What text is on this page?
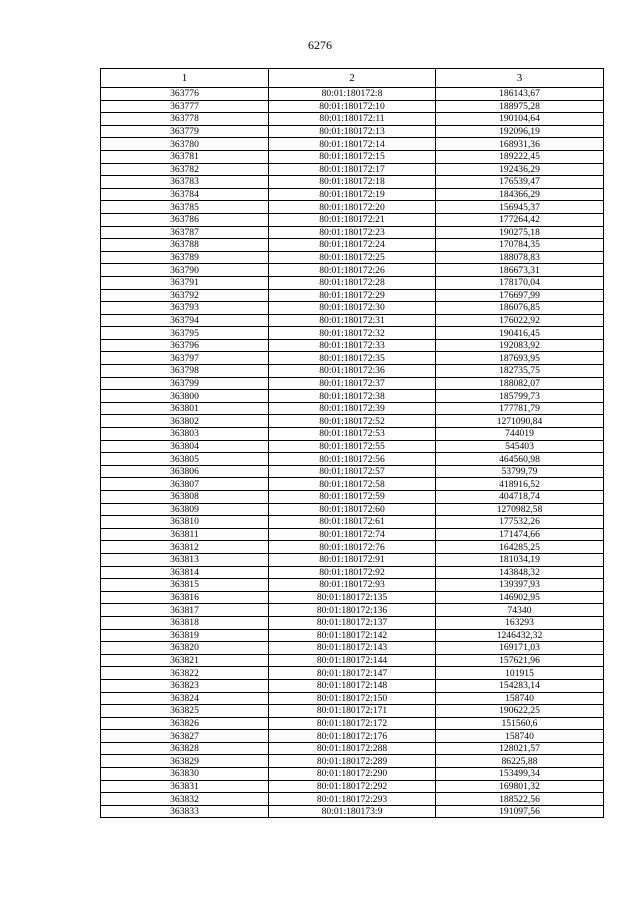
6276
1	2	3
363776	80:01:180172:8	186143,67
363777	80:01:180172:10	188975,28
363778	80:01:180172:11	190104,64
363779	80:01:180172:13	192096,19
363780	80:01:180172:14	168931,36
363781	80:01:180172:15	189222,45
363782	80:01:180172:17	192436,29
363783	80:01:180172:18	176539,47
363784	80:01:180172:19	184366,29
363785	80:01:180172:20	156945,37
363786	80:01:180172:21	177264,42
363787	80:01:180172:23	190275,18
363788	80:01:180172:24	170784,35
363789	80:01:180172:25	188078,83
363790	80:01:180172:26	186673,31
363791	80:01:180172:28	178170,04
363792	80:01:180172:29	176697,99
363793	80:01:180172:30	186076,85
363794	80:01:180172:31	176022,92
363795	80:01:180172:32	190416,45
363796	80:01:180172:33	192083,92
363797	80:01:180172:35	187693,95
363798	80:01:180172:36	182735,75
363799	80:01:180172:37	188082,07
363800	80:01:180172:38	185799,73
363801	80:01:180172:39	177781,79
363802	80:01:180172:52	1271090,84
363803	80:01:180172:53	744019
363804	80:01:180172:55	545403
363805	80:01:180172:56	464560,98
363806	80:01:180172:57	53799,79
363807	80:01:180172:58	418916,52
363808	80:01:180172:59	404718,74
363809	80:01:180172:60	1270982,58
363810	80:01:180172:61	177532,26
363811	80:01:180172:74	171474,66
363812	80:01:180172:76	164285,25
363813	80:01:180172:91	181034,19
363814	80:01:180172:92	143848,32
363815	80:01:180172:93	139397,93
363816	80:01:180172:135	146902,95
363817	80:01:180172:136	74340
363818	80:01:180172:137	163293
363819	80:01:180172:142	1246432,32
363820	80:01:180172:143	169171,03
363821	80:01:180172:144	157621,96
363822	80:01:180172:147	101915
363823	80:01:180172:148	154283,14
363824	80:01:180172:150	158740
363825	80:01:180172:171	190622,25
363826	80:01:180172:172	151560,6
363827	80:01:180172:176	158740
363828	80:01:180172:288	128021,57
363829	80:01:180172:289	86225,88
363830	80:01:180172:290	153499,34
363831	80:01:180172:292	169801,32
363832	80:01:180172:293	188522,56
363833	80:01:180173:9	191097,56
